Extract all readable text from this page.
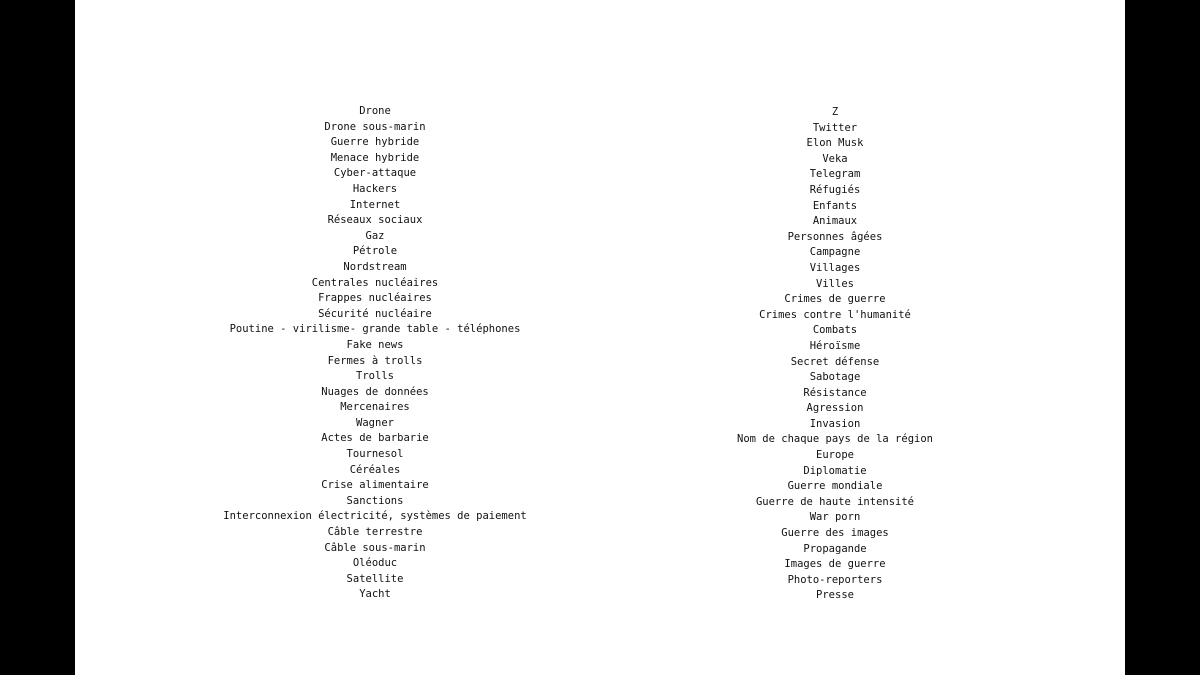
Drone
Drone sous-marin
Guerre hybride
Menace hybride
Cyber-attaque
Hackers
Internet
Réseaux sociaux
Gaz
Pétrole
Nordstream
Centrales nucléaires
Frappes nucléaires
Sécurité nucléaire
Poutine - virilisme- grande table - téléphones
Fake news
Fermes à trolls
Trolls
Nuages de données
Mercenaires
Wagner
Actes de barbarie
Tournesol
Céréales
Crise alimentaire
Sanctions
Interconnexion électricité, systèmes de paiement
Câble terrestre
Câble sous-marin
Oléoduc
Satellite
Yacht
Z
Twitter
Elon Musk
Veka
Telegram
Réfugiés
Enfants
Animaux
Personnes âgées
Campagne
Villages
Villes
Crimes de guerre
Crimes contre l'humanité
Combats
Héroïsme
Secret défense
Sabotage
Résistance
Agression
Invasion
Nom de chaque pays de la région
Europe
Diplomatie
Guerre mondiale
Guerre de haute intensité
War porn
Guerre des images
Propagande
Images de guerre
Photo-reporters
Presse
